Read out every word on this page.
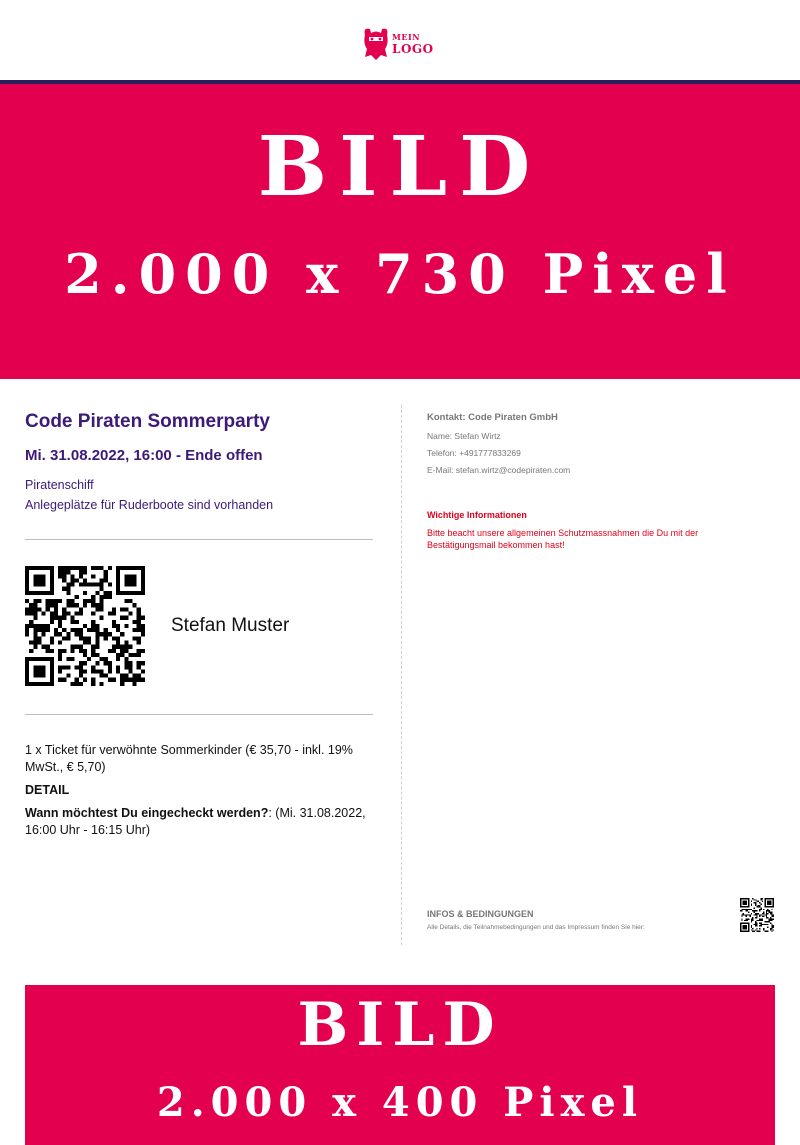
MEIN
LOGO
BILD
2.000 x 730 Pixel
Code Piraten Sommerparty
Mi. 31.08.2022, 16:00 - Ende offen
Piratenschiff
Anlegeplätze für Ruderboote sind vorhanden
Stefan Muster
1 x Ticket für verwöhnte Sommerkinder (€ 35,70 - inkl. 19% MwSt., € 5,70)
DETAIL
Wann möchtest Du eingecheckt werden?: (Mi. 31.08.2022, 16:00 Uhr - 16:15 Uhr)
Kontakt: Code Piraten GmbH
Name: Stefan Wirtz
Telefon: +491777833269
E-Mail: stefan.wirtz@codepiraten.com
Wichtige Informationen
Bitte beacht unsere allgemeinen Schutzmassnahmen die Du mit der Bestätigungsmail bekommen hast!
INFOS & BEDINGUNGEN
Alle Details, die Teilnahmebedingungen und das Impressum finden Sie hier:
BILD
2.000 x 400 Pixel
